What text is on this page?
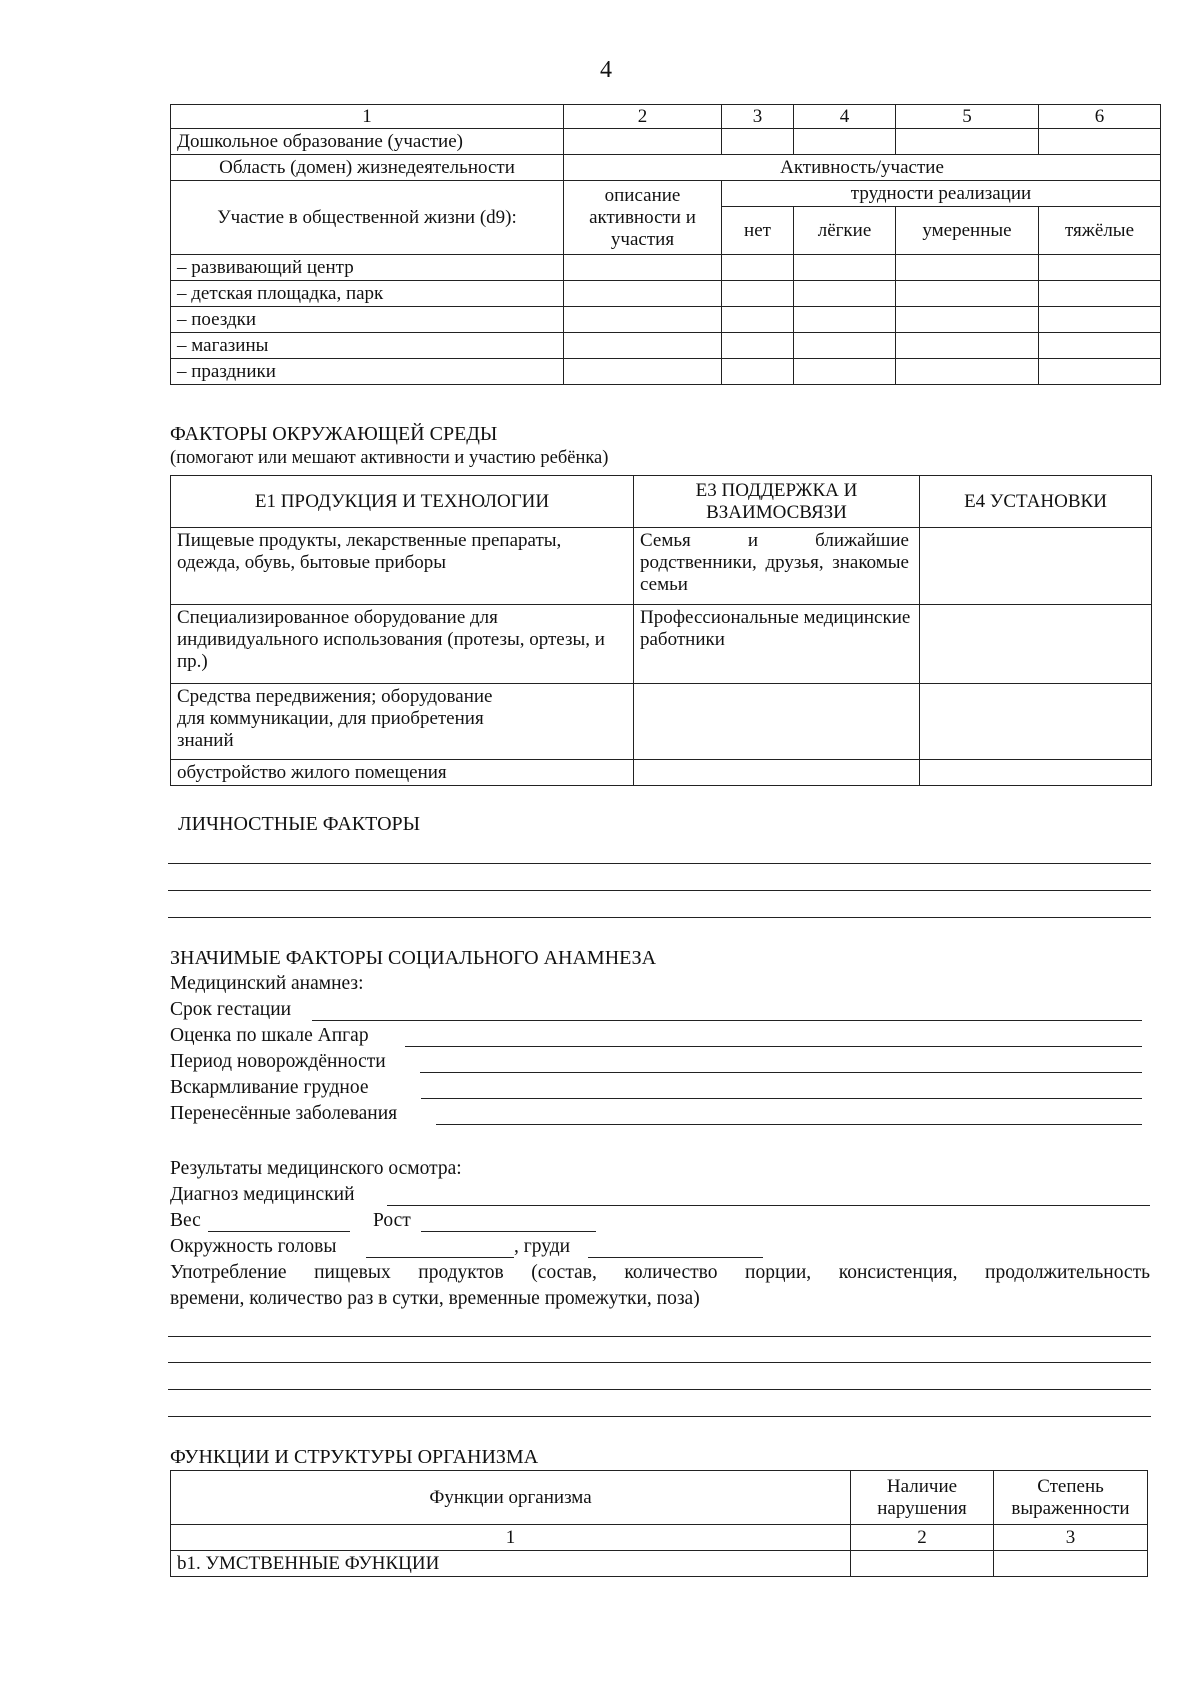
4
1	2	3	4	5	6
Дошкольное образование (участие)					
Область (домен) жизнедеятельности	Активность/участие				
Участие в общественной жизни (d9):	описание активности и участия	трудности реализации			
		нет	лёгкие	умеренные	тяжёлые
– развивающий центр					
– детская площадка, парк					
– поездки					
– магазины					
– праздники					
ФАКТОРЫ ОКРУЖАЮЩЕЙ СРЕДЫ
(помогают или мешают активности и участию ребёнка)
Е1 ПРОДУКЦИЯ И ТЕХНОЛОГИИ	Е3 ПОДДЕРЖКА И ВЗАИМОСВЯЗИ	Е4 УСТАНОВКИ
Пищевые продукты, лекарственные препараты, одежда, обувь, бытовые приборы	Семья и ближайшие родственники, друзья, знакомые семьи	
Специализированное оборудование для индивидуального использования (протезы, ортезы, и пр.)	Профессиональные медицинские работники	
Средства передвижения; оборудование для коммуникации, для приобретения знаний		
обустройство жилого помещения		
ЛИЧНОСТНЫЕ ФАКТОРЫ
ЗНАЧИМЫЕ ФАКТОРЫ СОЦИАЛЬНОГО АНАМНЕЗА
Медицинский анамнез:
Срок гестации
Оценка по шкале Апгар
Период новорождённости
Вскармливание грудное
Перенесённые заболевания
Результаты медицинского осмотра:
Диагноз медицинский
Вес	Рост
Окружность головы	, груди
Употребление пищевых продуктов (состав, количество порции, консистенция, продолжительность
времени, количество раз в сутки, временные промежутки, поза)
ФУНКЦИИ И СТРУКТУРЫ ОРГАНИЗМА
Функции организма	Наличие нарушения	Степень выраженности
1	2	3
b1. УМСТВЕННЫЕ ФУНКЦИИ		
